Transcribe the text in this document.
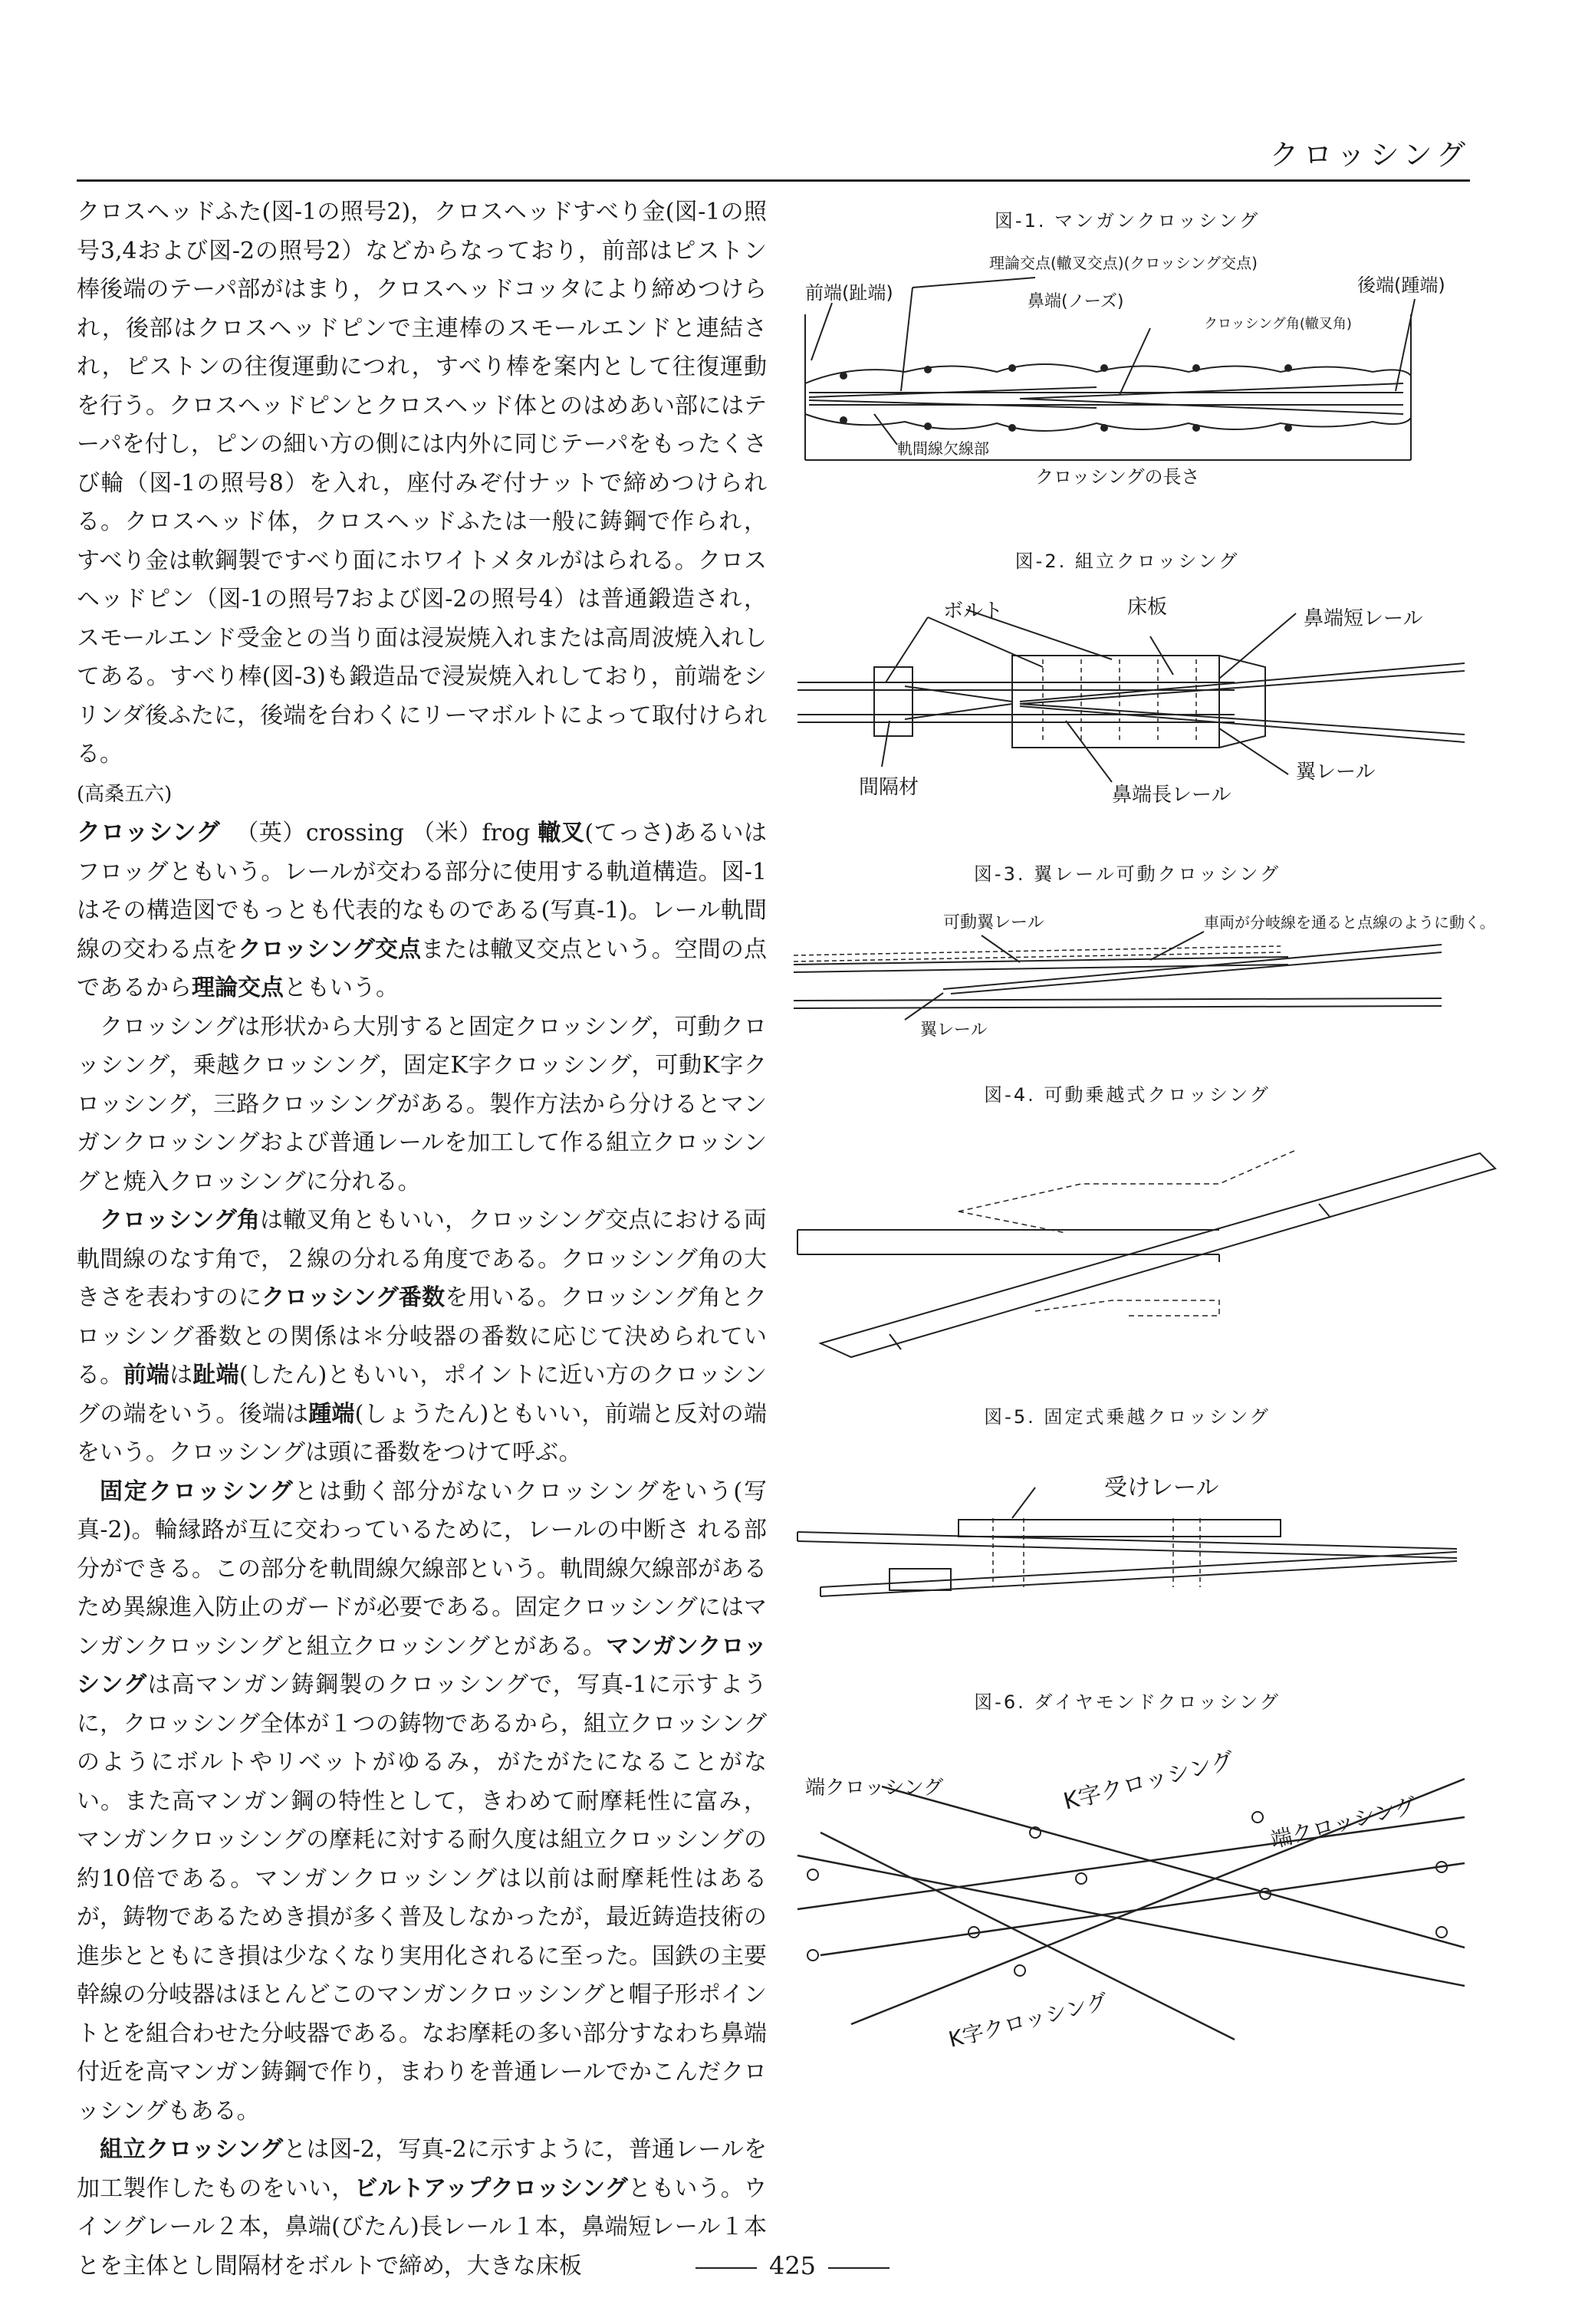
クロッシング

クロスヘッドふた(図-1の照号2)，クロスヘッドすべり金(図-1の照号3,4および図-2の照号2）などからなっており，前部はピストン棒後端のテーパ部がはまり，クロスヘッドコッタにより締めつけられ，後部はクロスヘッドピンで主連棒のスモールエンドと連結され，ピストンの往復運動につれ，すべり棒を案内として往復運動を行う。クロスヘッドピンとクロスヘッド体とのはめあい部にはテーパを付し，ピンの細い方の側には内外に同じテーパをもったくさび輪（図-1の照号8）を入れ，座付みぞ付ナットで締めつけられる。クロスヘッド体，クロスヘッドふたは一般に鋳鋼で作られ，すべり金は軟鋼製ですべり面にホワイトメタルがはられる。クロスヘッドピン（図-1の照号7および図-2の照号4）は普通鍛造され，スモールエンド受金との当り面は浸炭焼入れまたは高周波焼入れしてある。すべり棒(図-3)も鍛造品で浸炭焼入れしており，前端をシリンダ後ふたに，後端を台わくにリーマボルトによって取付けられる。
(高桑五六)

クロッシング （英）crossing （米）frog 轍叉(てっさ)あるいはフロッグともいう。レールが交わる部分に使用する軌道構造。図-1はその構造図でもっとも代表的なものである(写真-1)。レール軌間線の交わる点をクロッシング交点または轍叉交点という。空間の点であるから理論交点ともいう。

クロッシングは形状から大別すると固定クロッシング，可動クロッシング，乗越クロッシング，固定K字クロッシング，可動K字クロッシング，三路クロッシングがある。製作方法から分けるとマンガンクロッシングおよび普通レールを加工して作る組立クロッシングと焼入クロッシングに分れる。

クロッシング角は轍叉角ともいい，クロッシング交点における両軌間線のなす角で，２線の分れる角度である。クロッシング角の大きさを表わすのにクロッシング番数を用いる。クロッシング角とクロッシング番数との関係は＊分岐器の番数に応じて決められている。前端は趾端(したん)ともいい，ポイントに近い方のクロッシングの端をいう。後端は踵端(しょうたん)ともいい，前端と反対の端をいう。クロッシングは頭に番数をつけて呼ぶ。

固定クロッシングとは動く部分がないクロッシングをいう(写真-2)。輪縁路が互に交わっているために，レールの中断さ れる部分ができる。この部分を軌間線欠線部という。軌間線欠線部があるため異線進入防止のガードが必要である。固定クロッシングにはマンガンクロッシングと組立クロッシングとがある。マンガンクロッシングは高マンガン鋳鋼製のクロッシングで，写真-1に示すように，クロッシング全体が１つの鋳物であるから，組立クロッシングのようにボルトやリベットがゆるみ，がたがたになることがない。また高マンガン鋼の特性として，きわめて耐摩耗性に富み，マンガンクロッシングの摩耗に対する耐久度は組立クロッシングの約10倍である。マンガンクロッシングは以前は耐摩耗性はあるが，鋳物であるためき損が多く普及しなかったが，最近鋳造技術の進歩とともにき損は少なくなり実用化されるに至った。国鉄の主要幹線の分岐器はほとんどこのマンガンクロッシングと帽子形ポイントとを組合わせた分岐器である。なお摩耗の多い部分すなわち鼻端付近を高マンガン鋳鋼で作り，まわりを普通レールでかこんだクロッシングもある。

組立クロッシングとは図-2，写真-2に示すように，普通レールを加工製作したものをいい，ビルトアップクロッシングともいう。ウイングレール２本，鼻端(びたん)長レール１本，鼻端短レール１本とを主体とし間隔材をボルトで締め，大きな床板

図-1. マンガンクロッシング
前端(趾端)
理論交点(轍叉交点)(クロッシング交点)
鼻端(ノーズ)
後端(踵端)
クロッシング角(轍叉角)
軌間線欠線部
クロッシングの長さ
図-2. 組立クロッシング
ボルト	床板	鼻端短レール
間隔材
翼レール
鼻端長レール
図-3. 翼レール可動クロッシング
可動翼レール	車両が分岐線を通ると点線のように動く。
翼レール
図-4. 可動乗越式クロッシング
図-5. 固定式乗越クロッシング
受けレール
図-6. ダイヤモンドクロッシング
K字クロッシング
端クロッシング
端クロッシング
K字クロッシング
425
